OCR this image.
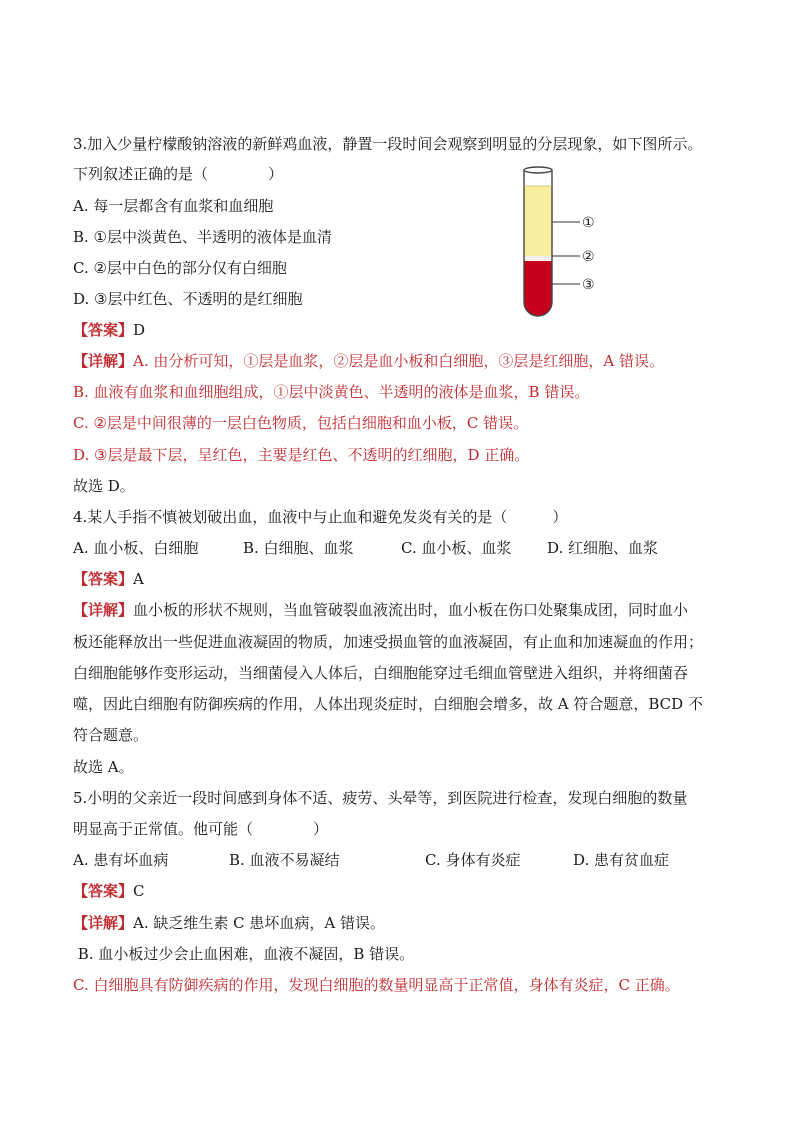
3.加入少量柠檬酸钠溶液的新鲜鸡血液，静置一段时间会观察到明显的分层现象，如下图所示。
下列叙述正确的是（　　　　）
A. 每一层都含有血浆和血细胞
B. ①层中淡黄色、半透明的液体是血清
C. ②层中白色的部分仅有白细胞
D. ③层中红色、不透明的是红细胞
①
②
③
【答案】D
【详解】A. 由分析可知，①层是血浆，②层是血小板和白细胞，③层是红细胞，A 错误。
B. 血液有血浆和血细胞组成，①层中淡黄色、半透明的液体是血浆，B 错误。
C. ②层是中间很薄的一层白色物质，包括白细胞和血小板，C 错误。
D. ③层是最下层，呈红色，主要是红色、不透明的红细胞，D 正确。
故选 D。
4.某人手指不慎被划破出血，血液中与止血和避免发炎有关的是（　　　）
A. 血小板、白细胞	B. 白细胞、血浆	C. 血小板、血浆 D. 红细胞、血浆
【答案】A
【详解】血小板的形状不规则，当血管破裂血液流出时，血小板在伤口处聚集成团，同时血小
板还能释放出一些促进血液凝固的物质，加速受损血管的血液凝固，有止血和加速凝血的作用；
白细胞能够作变形运动，当细菌侵入人体后，白细胞能穿过毛细血管壁进入组织，并将细菌吞
噬，因此白细胞有防御疾病的作用，人体出现炎症时，白细胞会增多，故 A 符合题意，BCD 不
符合题意。
故选 A。
5.小明的父亲近一段时间感到身体不适、疲劳、头晕等，到医院进行检查，发现白细胞的数量
明显高于正常值。他可能（　　　　）
A. 患有坏血病	B. 血液不易凝结	C. 身体有炎症	D. 患有贫血症
【答案】C
【详解】A. 缺乏维生素 C 患坏血病，A 错误。
B. 血小板过少会止血困难，血液不凝固，B 错误。
C. 白细胞具有防御疾病的作用，发现白细胞的数量明显高于正常值，身体有炎症，C 正确。
